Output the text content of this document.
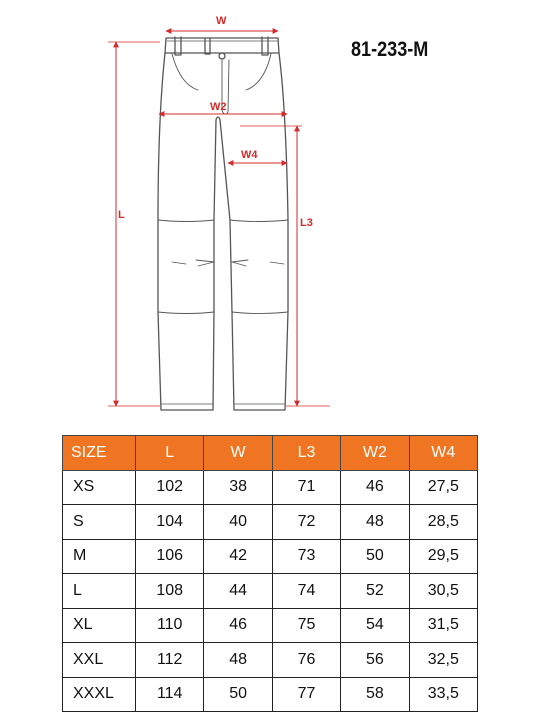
W
W2
W4
L
L3
81-233-M
SIZE	L	W	L3	W2	W4
XS	102	38	71	46	27,5
S	104	40	72	48	28,5
M	106	42	73	50	29,5
L	108	44	74	52	30,5
XL	110	46	75	54	31,5
XXL	112	48	76	56	32,5
XXXL	114	50	77	58	33,5
